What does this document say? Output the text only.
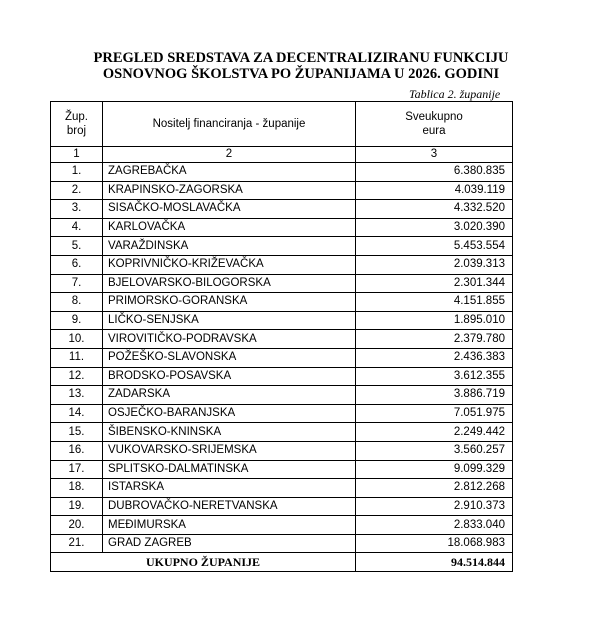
PREGLED SREDSTAVA ZA DECENTRALIZIRANU FUNKCIJU
OSNOVNOG ŠKOLSTVA PO ŽUPANIJAMA U 2026. GODINI
Tablica 2. županije
Žup.
broj	Nositelj financiranja - županije	Sveukupno
eura

1	2	3
1.	ZAGREBAČKA	6.380.835
2.	KRAPINSKO-ZAGORSKA	4.039.119
3.	SISAČKO-MOSLAVAČKA	4.332.520
4.	KARLOVAČKA	3.020.390
5.	VARAŽDINSKA	5.453.554
6.	KOPRIVNIČKO-KRIŽEVAČKA	2.039.313
7.	BJELOVARSKO-BILOGORSKA	2.301.344
8.	PRIMORSKO-GORANSKA	4.151.855
9.	LIČKO-SENJSKA	1.895.010
10.	VIROVITIČKO-PODRAVSKA	2.379.780
11.	POŽEŠKO-SLAVONSKA	2.436.383
12.	BRODSKO-POSAVSKA	3.612.355
13.	ZADARSKA	3.886.719
14.	OSJEČKO-BARANJSKA	7.051.975
15.	ŠIBENSKO-KNINSKA	2.249.442
16.	VUKOVARSKO-SRIJEMSKA	3.560.257
17.	SPLITSKO-DALMATINSKA	9.099.329
18.	ISTARSKA	2.812.268
19.	DUBROVAČKO-NERETVANSKA	2.910.373
20.	MEĐIMURSKA	2.833.040
21.	GRAD ZAGREB	18.068.983
UKUPNO ŽUPANIJE		94.514.844
